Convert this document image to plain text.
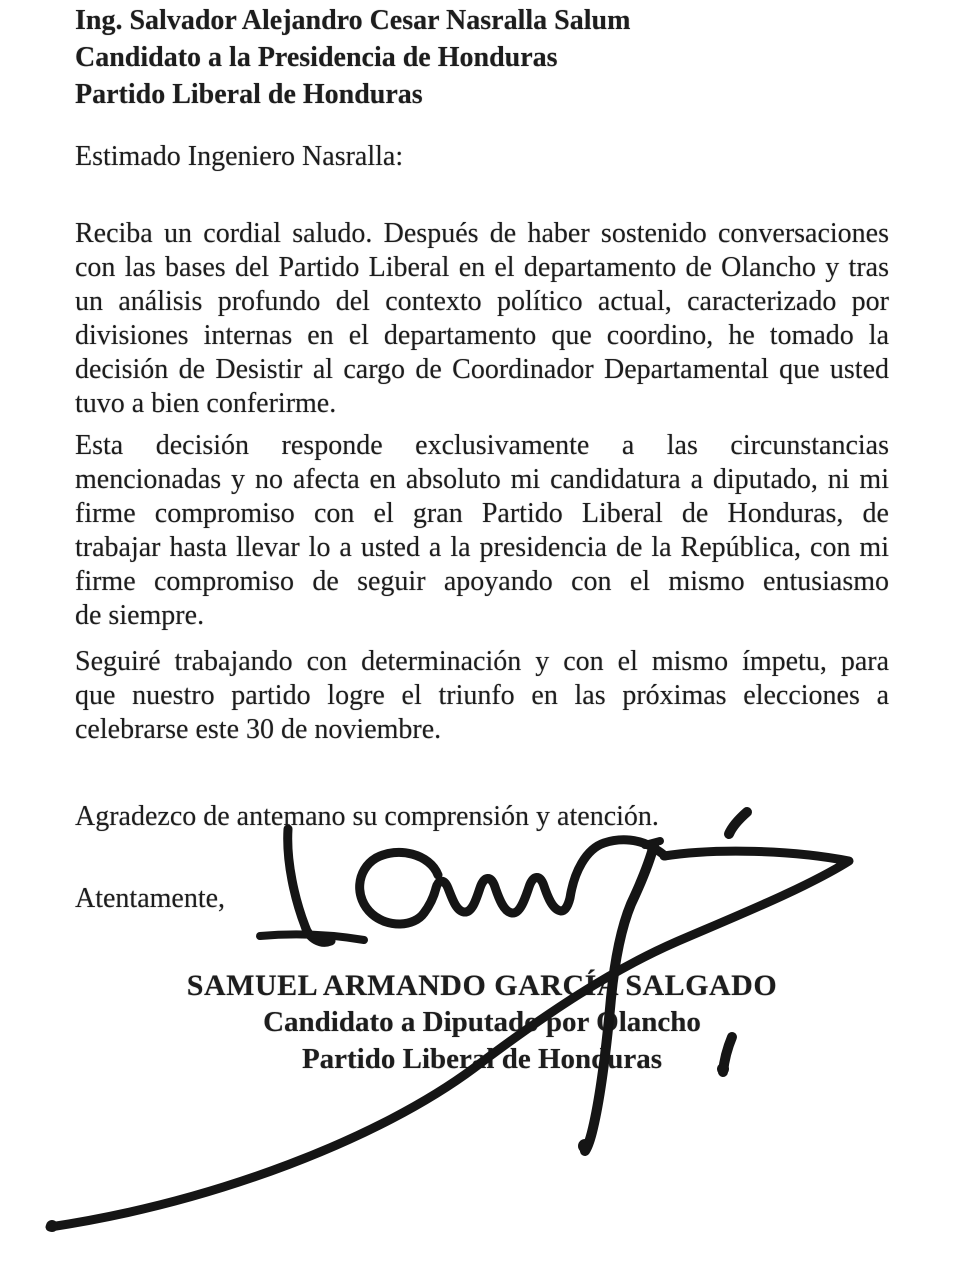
Ing. Salvador Alejandro Cesar Nasralla Salum
Candidato a la Presidencia de Honduras
Partido Liberal de Honduras
Estimado Ingeniero Nasralla:
Reciba un cordial saludo. Después de haber sostenido conversaciones
con las bases del Partido Liberal en el departamento de Olancho y tras
un análisis profundo del contexto político actual, caracterizado por
divisiones internas en el departamento que coordino, he tomado la
decisión de Desistir al cargo de Coordinador Departamental que usted
tuvo a bien conferirme.
Esta decisión responde exclusivamente a las circunstancias
mencionadas y no afecta en absoluto mi candidatura a diputado, ni mi
firme compromiso con el gran Partido Liberal de Honduras, de
trabajar hasta llevar lo a usted a la presidencia de la República, con mi
firme compromiso de seguir apoyando con el mismo entusiasmo
de siempre.
Seguiré trabajando con determinación y con el mismo ímpetu, para
que nuestro partido logre el triunfo en las próximas elecciones a
celebrarse este 30 de noviembre.
Agradezco de antemano su comprensión y atención.
Atentamente,
SAMUEL ARMANDO GARCÍA SALGADO
Candidato a Diputado por Olancho
Partido Liberal de Honduras
